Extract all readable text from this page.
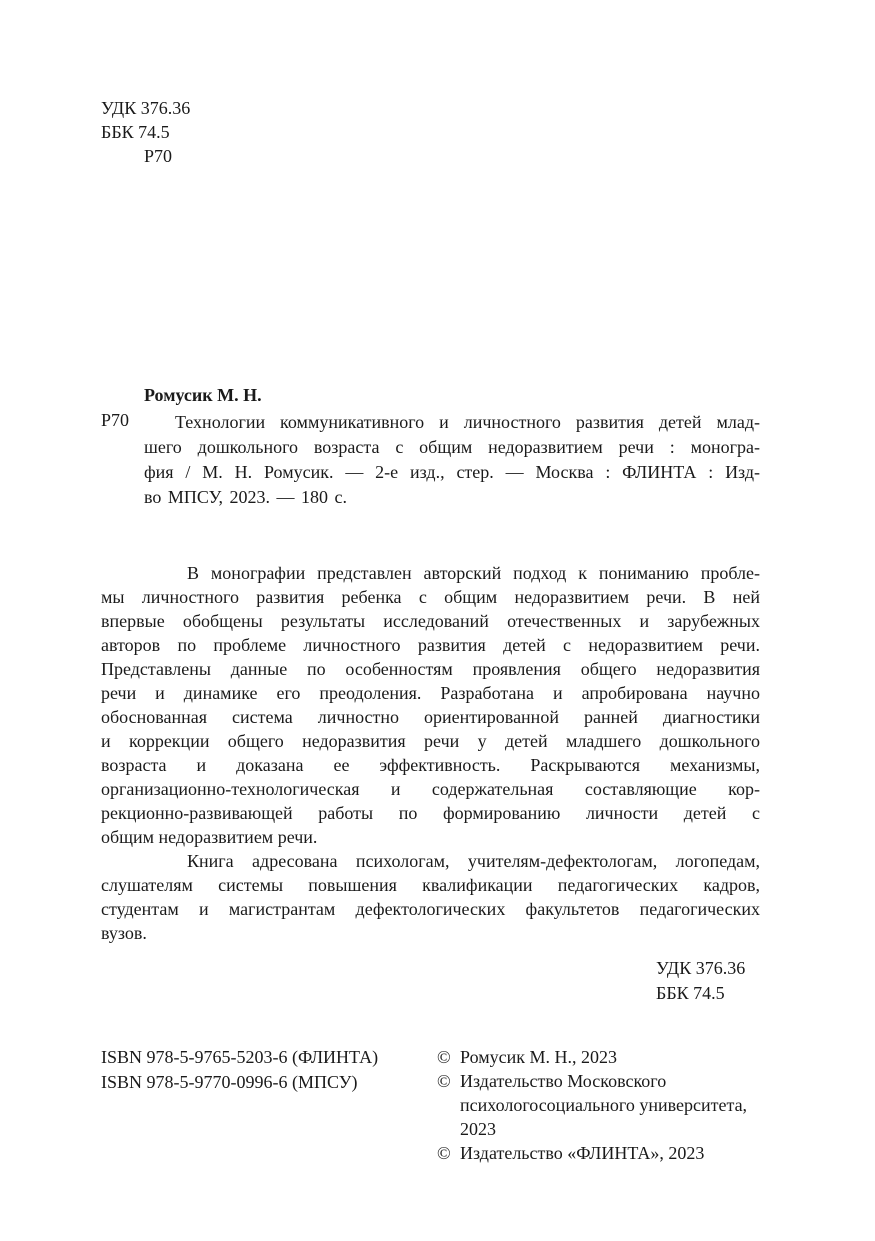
УДК 376.36
ББК 74.5
Р70
Ромусик М. Н.
Р70	Технологии коммуникативного и личностного развития детей млад-
шего дошкольного возраста с общим недоразвитием речи : моногра-
фия / М. Н. Ромусик. — 2-е изд., стер. — Москва : ФЛИНТА : Изд-
во МПСУ, 2023. — 180 с.
В монографии представлен авторский подход к пониманию пробле-
мы личностного развития ребенка с общим недоразвитием речи. В ней
впервые обобщены результаты исследований отечественных и зарубежных
авторов по проблеме личностного развития детей с недоразвитием речи.
Представлены данные по особенностям проявления общего недоразвития
речи и динамике его преодоления. Разработана и апробирована научно
обоснованная система личностно ориентированной ранней диагностики
и коррекции общего недоразвития речи у детей младшего дошкольного
возраста и доказана ее эффективность. Раскрываются механизмы,
организационно-технологическая и содержательная составляющие кор-
рекционно-развивающей работы по формированию личности детей с
общим недоразвитием речи.
Книга адресована психологам, учителям-дефектологам, логопедам,
слушателям системы повышения квалификации педагогических кадров,
студентам и магистрантам дефектологических факультетов педагогических
вузов.
УДК 376.36
ББК 74.5
ISBN 978-5-9765-5203-6 (ФЛИНТА)
ISBN 978-5-9770-0996-6 (МПСУ)
© Ромусик М. Н., 2023
© Издательство Московского
психологосоциального университета,
2023
© Издательство «ФЛИНТА», 2023
